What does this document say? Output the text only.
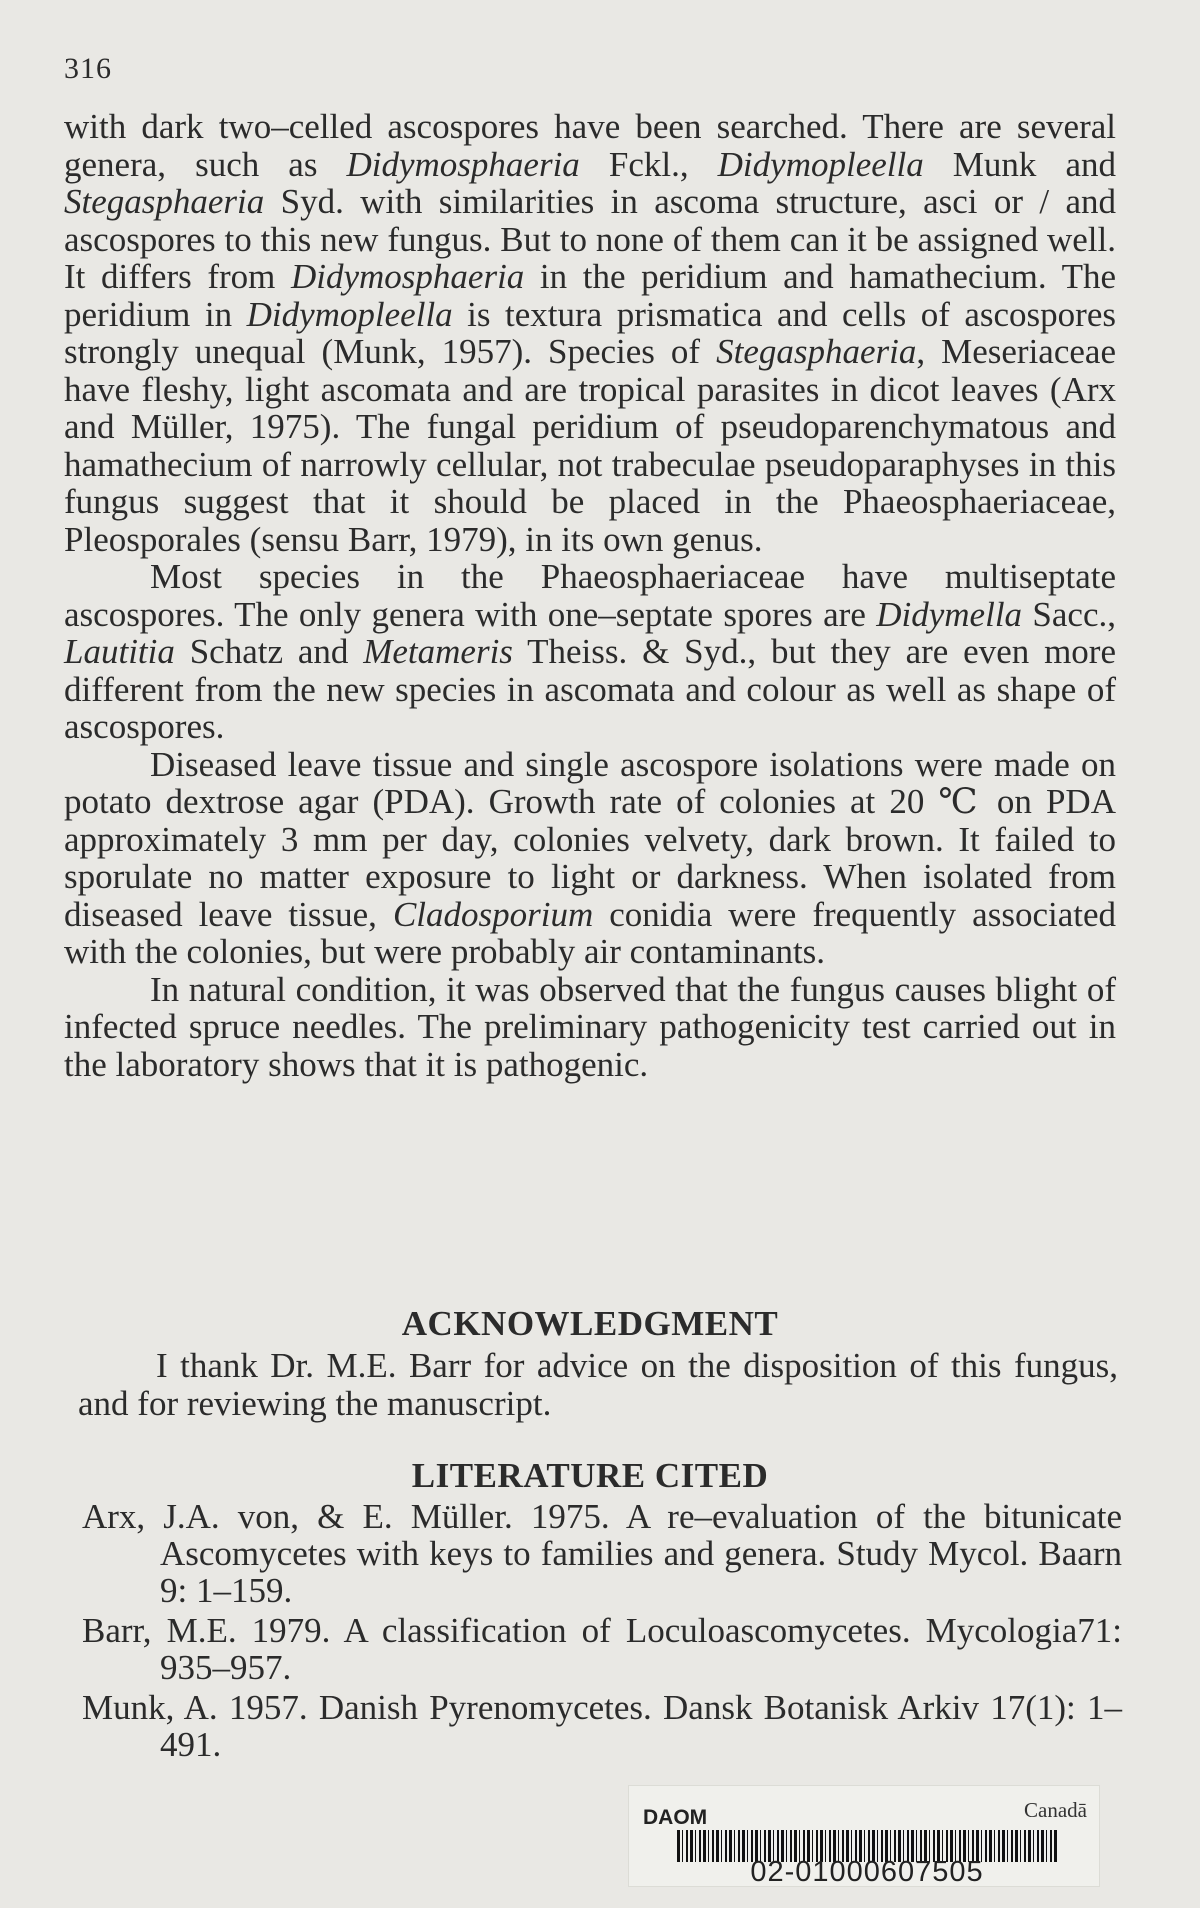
316

with dark two–celled ascospores have been searched. There are several genera, such as Didymosphaeria Fckl., Didymopleella Munk and Stegasphaeria Syd. with similarities in ascoma structure, asci or / and ascospores to this new fungus. But to none of them can it be assigned well. It differs from Didymosphaeria in the peridium and hamathecium. The peridium in Didymopleella is textura prismatica and cells of ascospores strongly unequal (Munk, 1957). Species of Stegasphaeria, Meseriaceae have fleshy, light ascomata and are tropical parasites in dicot leaves (Arx and Müller, 1975). The fungal peridium of pseudoparenchymatous and hamathecium of narrowly cellular, not trabeculae pseudoparaphyses in this fungus suggest that it should be placed in the Phaeosphaeriaceae, Pleosporales (sensu Barr, 1979), in its own genus.

Most species in the Phaeosphaeriaceae have multiseptate ascospores. The only genera with one–septate spores are Didymella Sacc., Lautitia Schatz and Metameris Theiss. & Syd., but they are even more different from the new species in ascomata and colour as well as shape of ascospores.

Diseased leave tissue and single ascospore isolations were made on potato dextrose agar (PDA). Growth rate of colonies at 20 ℃ on PDA approximately 3 mm per day, colonies velvety, dark brown. It failed to sporulate no matter exposure to light or darkness. When isolated from diseased leave tissue, Cladosporium conidia were frequently associated with the colonies, but were probably air contaminants.

In natural condition, it was observed that the fungus causes blight of infected spruce needles. The preliminary pathogenicity test carried out in the laboratory shows that it is pathogenic.

ACKNOWLEDGMENT
I thank Dr. M.E. Barr for advice on the disposition of this fungus, and for reviewing the manuscript.
LITERATURE CITED

Arx, J.A. von, & E. Müller. 1975. A re–evaluation of the bitunicate Ascomycetes with keys to families and genera. Study Mycol. Baarn 9: 1–159.

Barr, M.E. 1979. A classification of Loculoascomycetes. Mycologia71: 935–957.

Munk, A. 1957. Danish Pyrenomycetes. Dansk Botanisk Arkiv 17(1): 1–491.

DAOM	Canadā
02-01000607505
